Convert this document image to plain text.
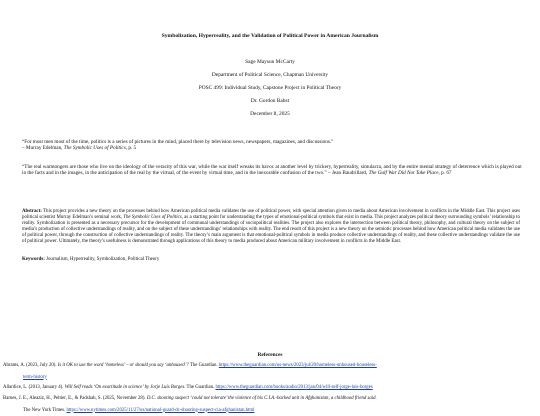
Symbolization, Hyperreality, and the Validation of Political Power in American Journalism
Sage Maysun McCarty
Department of Political Science, Chapman University
POSC 499: Individual Study, Capstone Project in Political Theory
Dr. Gordon Babst
December 8, 2025
“For most men most of the time, politics is a series of pictures in the mind, placed there by television news, newspapers, magazines, and discussions.”
– Murray Edelman, The Symbolic Uses of Politics, p. 5
“The real warmongers are those who live on the ideology of the veracity of this war, while the war itself wreaks its havoc at another level by trickery, hyperreality, simulacra, and by the entire mental strategy of deterrence which is played out in the facts and in the images, in the anticipation of the real by the virtual, of the event by virtual time, and in the inexorable confusion of the two.” – Jean Baudrillard, The Gulf War Did Not Take Place, p. 67
Abstract: This project provides a new theory on the processes behind how American political media validates the use of political power, with special attention given to media about American involvement in conflicts in the Middle East. This project uses political scientist Murray Edelman’s seminal work, The Symbolic Uses of Politics, as a starting point for understanding the types of emotional-political symbols that exist in media. This project analyzes political theory surrounding symbols’ relationship to reality. Symbolization is presented as a necessary precursor for the development of communal understandings of sociopolitical realities. The project also explores the intersection between political theory, philosophy, and cultural theory on the subject of media’s production of collective understandings of reality, and on the subject of these understandings’ relationships with reality. The end result of this project is a new theory on the semiotic processes behind how American political media validates the use of political power, through the construction of collective understandings of reality. The theory’s main argument is that emotional-political symbols in media produce collective understandings of reality, and these collective understandings validate the use of political power. Ultimately, the theory’s usefulness is demonstrated through applications of this theory to media produced about American military involvement in conflicts in the Middle East.
Keywords: Journalism, Hyperreality, Symbolization, Political Theory
References
Abrams, A. (2023, July 20). Is it OK to use the word ‘homeless’ – or should you say ‘unhoused’? The Guardian. https://www.theguardian.com/us-news/2023/jul/20/homeless-unhoused-houseless-
term-history
Allardice, L. (2013, January 4). Will Self reads ‘On exactitude in science’ by Jorje Luis Borges. The Guardian. https://www.theguardian.com/books/audio/2013/jan/04/will-self-jorge-luis-borges
Barnes, J. E., Aleaziz, H., Peltier, E., & Padshah, S. (2025, November 28). D.C. shooting suspect ‘could not tolerate’ the violence of his C.I.A.-backed unit in Afghanistan, a childhood friend said.
The New York Times. https://www.nytimes.com/2025/11/27/us/national-guard-dc-shooting-suspect-cia-afghanistan.html
